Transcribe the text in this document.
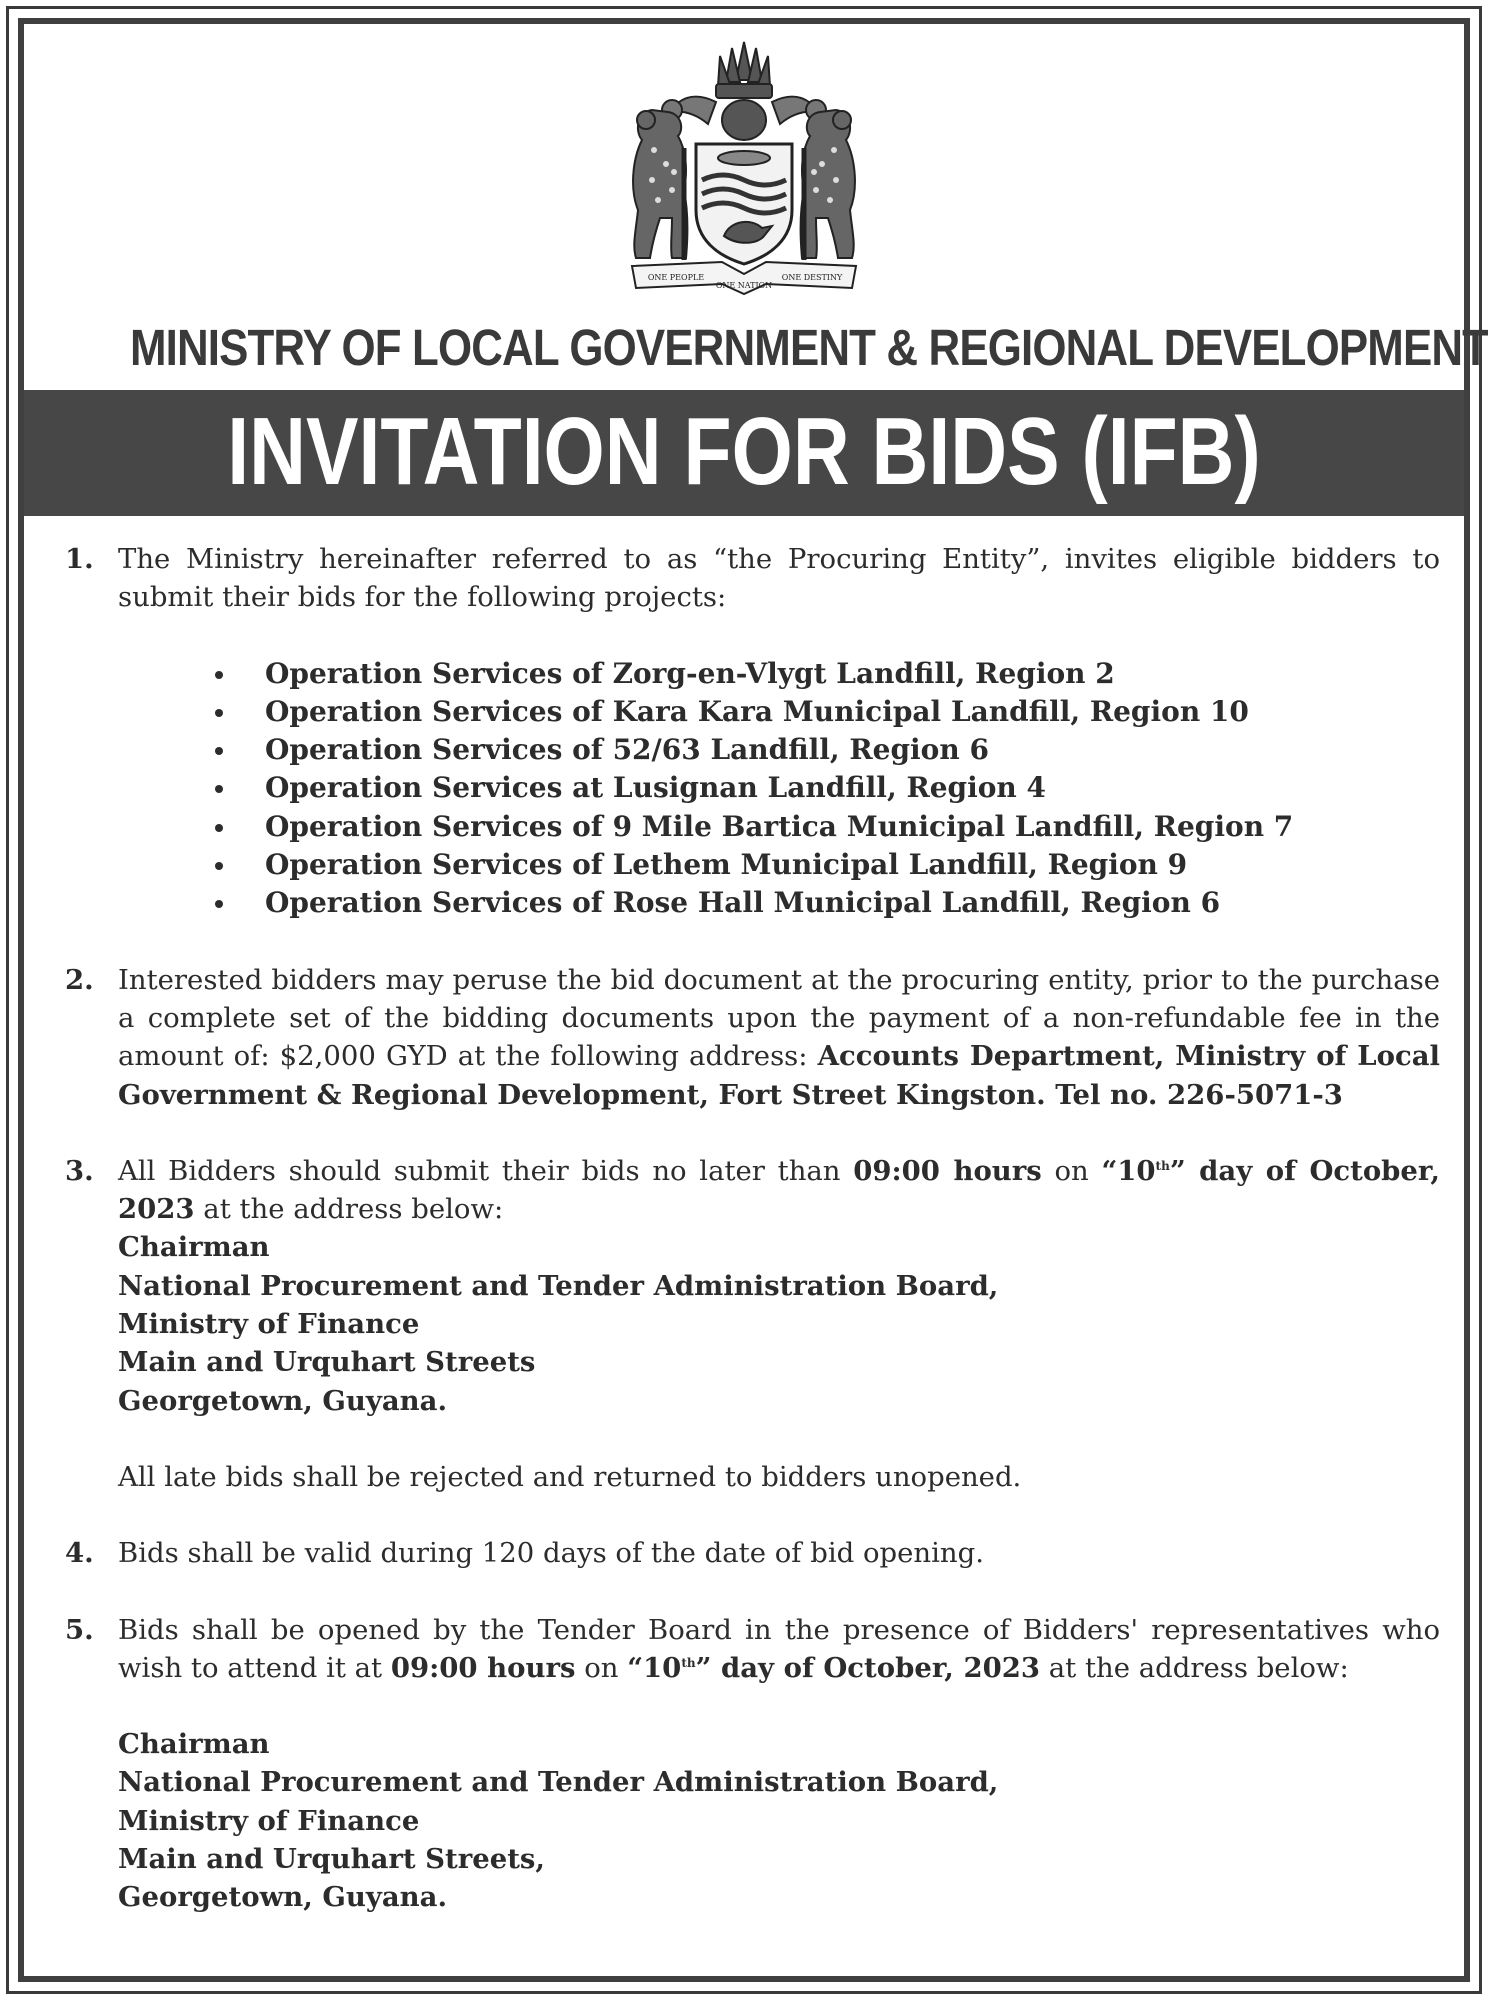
ONE PEOPLE
ONE NATION
ONE DESTINY
MINISTRY OF LOCAL GOVERNMENT & REGIONAL DEVELOPMENT
INVITATION FOR BIDS (IFB)
1. The Ministry hereinafter referred to as “the Procuring Entity”, invites eligible bidders to submit their bids for the following projects:
Operation Services of Zorg-en-Vlygt Landfill, Region 2
Operation Services of Kara Kara Municipal Landfill, Region 10
Operation Services of 52/63 Landfill, Region 6
Operation Services at Lusignan Landfill, Region 4
Operation Services of 9 Mile Bartica Municipal Landfill, Region 7
Operation Services of Lethem Municipal Landfill, Region 9
Operation Services of Rose Hall Municipal Landfill, Region 6
2. Interested bidders may peruse the bid document at the procuring entity, prior to the purchase a complete set of the bidding documents upon the payment of a non-refundable fee in the amount of: $2,000 GYD at the following address: Accounts Department, Ministry of Local Government & Regional Development, Fort Street Kingston. Tel no. 226-5071-3
3. All Bidders should submit their bids no later than 09:00 hours on “10th” day of October, 2023 at the address below:
Chairman
National Procurement and Tender Administration Board,
Ministry of Finance
Main and Urquhart Streets
Georgetown, Guyana.
All late bids shall be rejected and returned to bidders unopened.
4. Bids shall be valid during 120 days of the date of bid opening.
5. Bids shall be opened by the Tender Board in the presence of Bidders' representatives who wish to attend it at 09:00 hours on “10th” day of October, 2023 at the address below:
Chairman
National Procurement and Tender Administration Board,
Ministry of Finance
Main and Urquhart Streets,
Georgetown, Guyana.
